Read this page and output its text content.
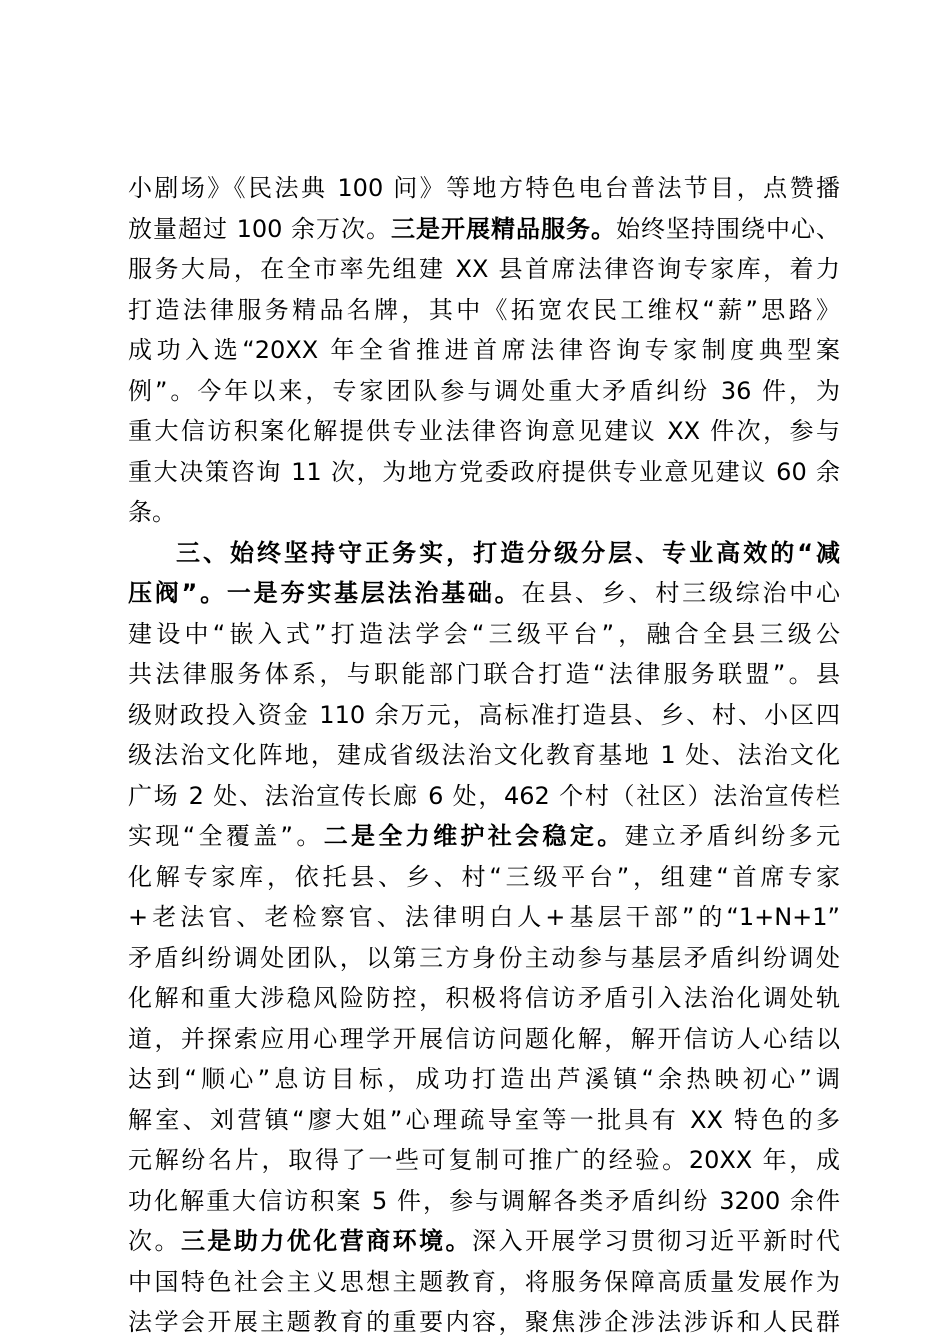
小剧场》《民法典 100 问》等地方特色电台普法节目，点赞播
放量超过 100 余万次。三是开展精品服务。始终坚持围绕中心、
服务大局，在全市率先组建 XX 县首席法律咨询专家库，着力
打造法律服务精品名牌，其中《拓宽农民工维权“薪”思路》
成功入选“20XX 年全省推进首席法律咨询专家制度典型案
例”。今年以来，专家团队参与调处重大矛盾纠纷 36 件，为
重大信访积案化解提供专业法律咨询意见建议 XX 件次，参与
重大决策咨询 11 次，为地方党委政府提供专业意见建议 60 余
条。
三、始终坚持守正务实，打造分级分层、专业高效的“减
压阀”。一是夯实基层法治基础。在县、乡、村三级综治中心
建设中“嵌入式”打造法学会“三级平台”，融合全县三级公
共法律服务体系，与职能部门联合打造“法律服务联盟”。县
级财政投入资金 110 余万元，高标准打造县、乡、村、小区四
级法治文化阵地，建成省级法治文化教育基地 1 处、法治文化
广场 2 处、法治宣传长廊 6 处，462 个村（社区）法治宣传栏
实现“全覆盖”。二是全力维护社会稳定。建立矛盾纠纷多元
化解专家库，依托县、乡、村“三级平台”，组建“首席专家
+老法官、老检察官、法律明白人+基层干部”的“1+N+1”
矛盾纠纷调处团队，以第三方身份主动参与基层矛盾纠纷调处
化解和重大涉稳风险防控，积极将信访矛盾引入法治化调处轨
道，并探索应用心理学开展信访问题化解，解开信访人心结以
达到“顺心”息访目标，成功打造出芦溪镇“余热映初心”调
解室、刘营镇“廖大姐”心理疏导室等一批具有 XX 特色的多
元解纷名片，取得了一些可复制可推广的经验。20XX 年，成
功化解重大信访积案 5 件，参与调解各类矛盾纠纷 3200 余件
次。三是助力优化营商环境。深入开展学习贯彻习近平新时代
中国特色社会主义思想主题教育，将服务保障高质量发展作为
法学会开展主题教育的重要内容，聚焦涉企涉法涉诉和人民群
